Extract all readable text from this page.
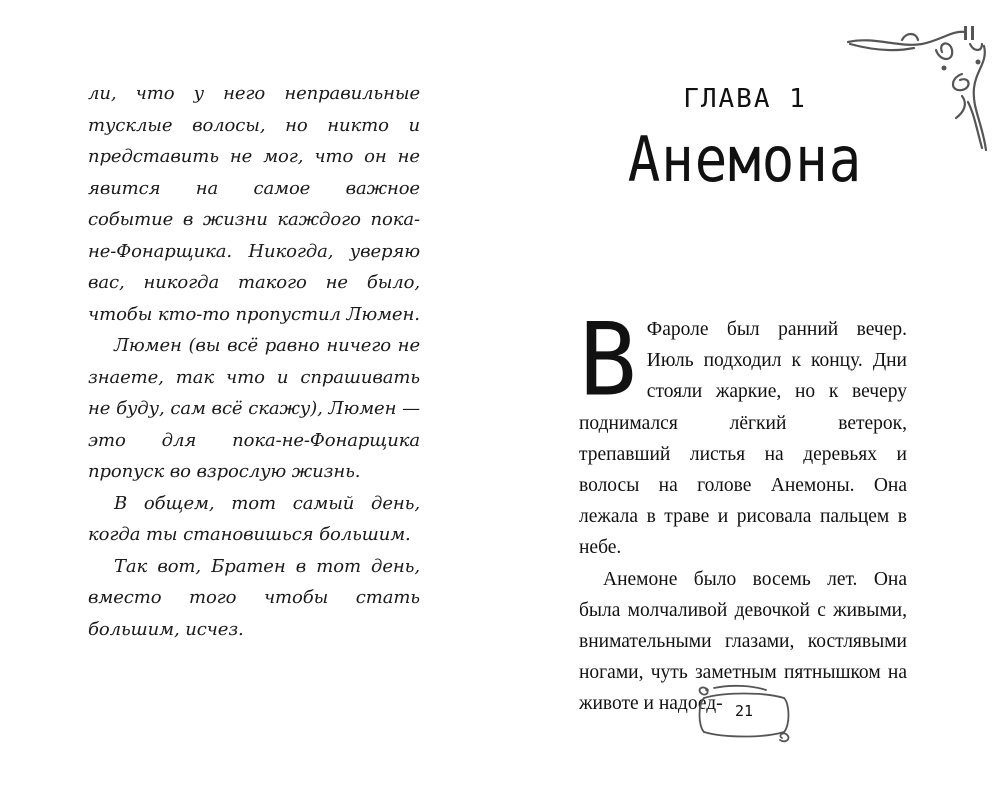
ли, что у него неправильные тусклые волосы, но никто и представить не мог, что он не явится на самое важное событие в жизни каждого пока-не-Фонарщика. Никогда, уверяю вас, никогда такого не было, чтобы кто-то пропустил Люмен.

Люмен (вы всё равно ничего не знаете, так что и спрашивать не буду, сам всё скажу), Люмен — это для пока-не-Фонарщика пропуск во взрослую жизнь.

В общем, тот самый день, когда ты становишься большим.

Так вот, Братен в тот день, вместо того чтобы стать большим, исчез.

ГЛАВА 1
Анемона

В Фароле был ранний вечер. Июль подходил к концу. Дни стояли жаркие, но к вечеру поднимался лёгкий ветерок, трепавший листья на деревьях и волосы на голове Анемоны. Она лежала в траве и рисовала пальцем в небе.

Анемоне было восемь лет. Она была молчаливой девочкой с живыми, внимательными глазами, костлявыми ногами, чуть заметным пятнышком на животе и надоед- 21
